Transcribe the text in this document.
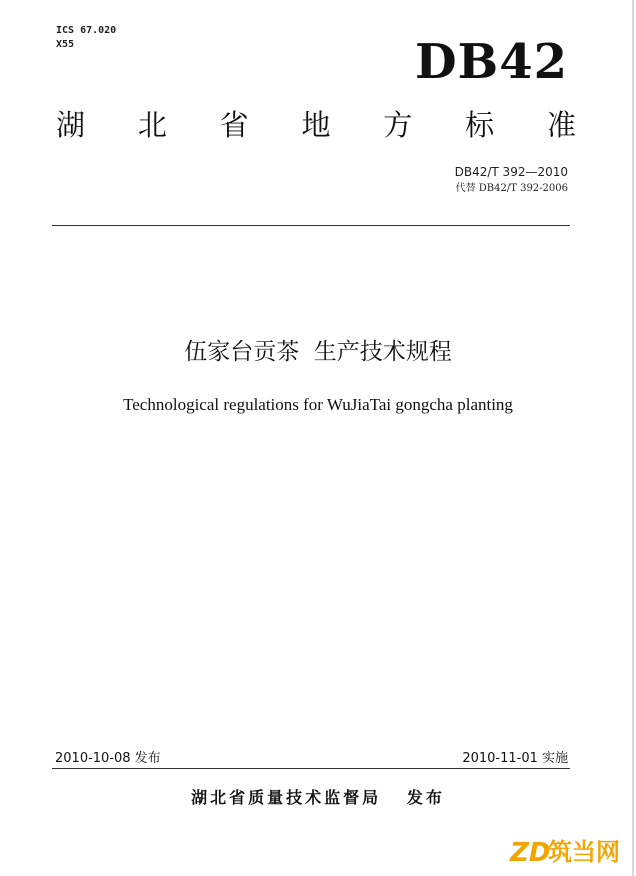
ICS 67.020
X55	DB42
湖 北 省 地 方 标 准
DB42/T 392—2010
代替 DB42/T 392-2006
伍家台贡茶  生产技术规程
Technological regulations for WuJiaTai gongcha planting
2010-10-08 发布	2010-11-01 实施
湖北省质量技术监督局   发布
ZD
筑当网
